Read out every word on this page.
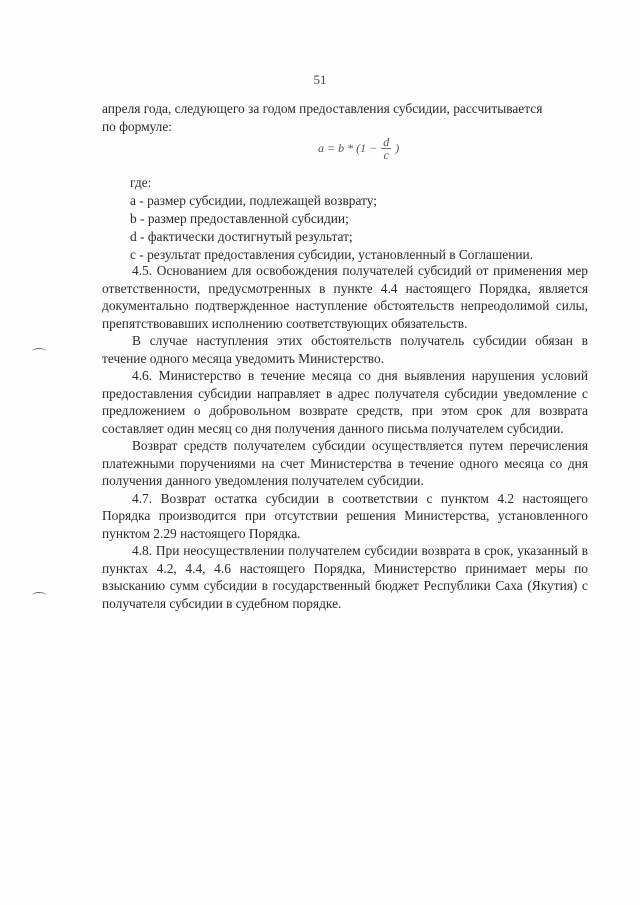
51

апреля года, следующего за годом предоставления субсидии, рассчитывается

по формуле:

$a = b * (1 - \frac{d}{c}$ )
где:
a - размер субсидии, подлежащей возврату;
b - размер предоставленной субсидии;
d - фактически достигнутый результат;
c - результат предоставления субсидии, установленный в Соглашении.

4.5. Основанием для освобождения получателей субсидий от применения мер ответственности, предусмотренных в пункте 4.4 настоящего Порядка, является документально подтвержденное наступление обстоятельств непреодолимой силы, препятствовавших исполнению соответствующих обязательств.

В случае наступления этих обстоятельств получатель субсидии обязан в течение одного месяца уведомить Министерство.

4.6. Министерство в течение месяца со дня выявления нарушения условий предоставления субсидии направляет в адрес получателя субсидии уведомление с предложением о добровольном возврате средств, при этом срок для возврата составляет один месяц со дня получения данного письма получателем субсидии.

Возврат средств получателем субсидии осуществляется путем перечисления платежными поручениями на счет Министерства в течение одного месяца со дня получения данного уведомления получателем субсидии.

4.7. Возврат остатка субсидии в соответствии с пунктом 4.2 настоящего Порядка производится при отсутствии решения Министерства, установленного пунктом 2.29 настоящего Порядка.

4.8. При неосуществлении получателем субсидии возврата в срок, указанный в пунктах 4.2, 4.4, 4.6 настоящего Порядка, Министерство принимает меры по взысканию сумм субсидии в государственный бюджет Республики Саха (Якутия) с получателя субсидии в судебном порядке.
